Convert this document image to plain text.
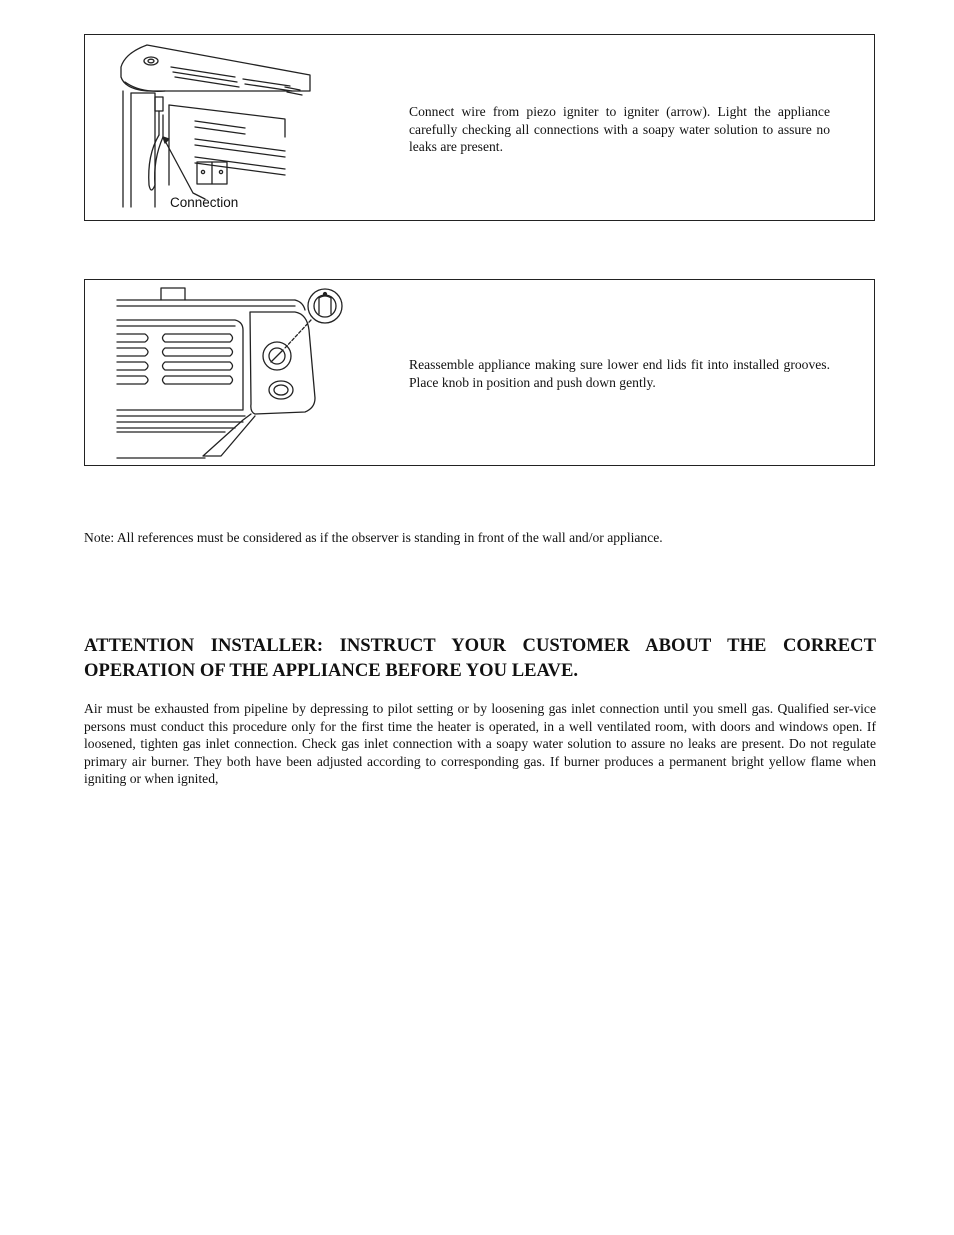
Connection

Connect wire from piezo igniter to igniter (arrow). Light the appliance carefully checking all connections with a soapy water solution to assure no leaks are present.

Reassemble appliance making sure lower end lids fit into installed grooves. Place knob in position and push down gently.

Note: All references must be considered as if the observer is standing in front of the wall and/or appliance.

ATTENTION INSTALLER: INSTRUCT YOUR CUSTOMER ABOUT THE CORRECT OPERATION OF THE APPLIANCE BEFORE YOU LEAVE.

Air must be exhausted from pipeline by depressing to pilot setting or by loosening gas inlet connection until you smell gas. Qualified ser-vice persons must conduct this procedure only for the first time the heater is operated, in a well ventilated room, with doors and windows open. If loosened, tighten gas inlet connection. Check gas inlet connection with a soapy water solution to assure no leaks are present. Do not regulate primary air burner. They both have been adjusted according to corresponding gas. If burner produces a permanent bright yellow flame when igniting or when ignited,
